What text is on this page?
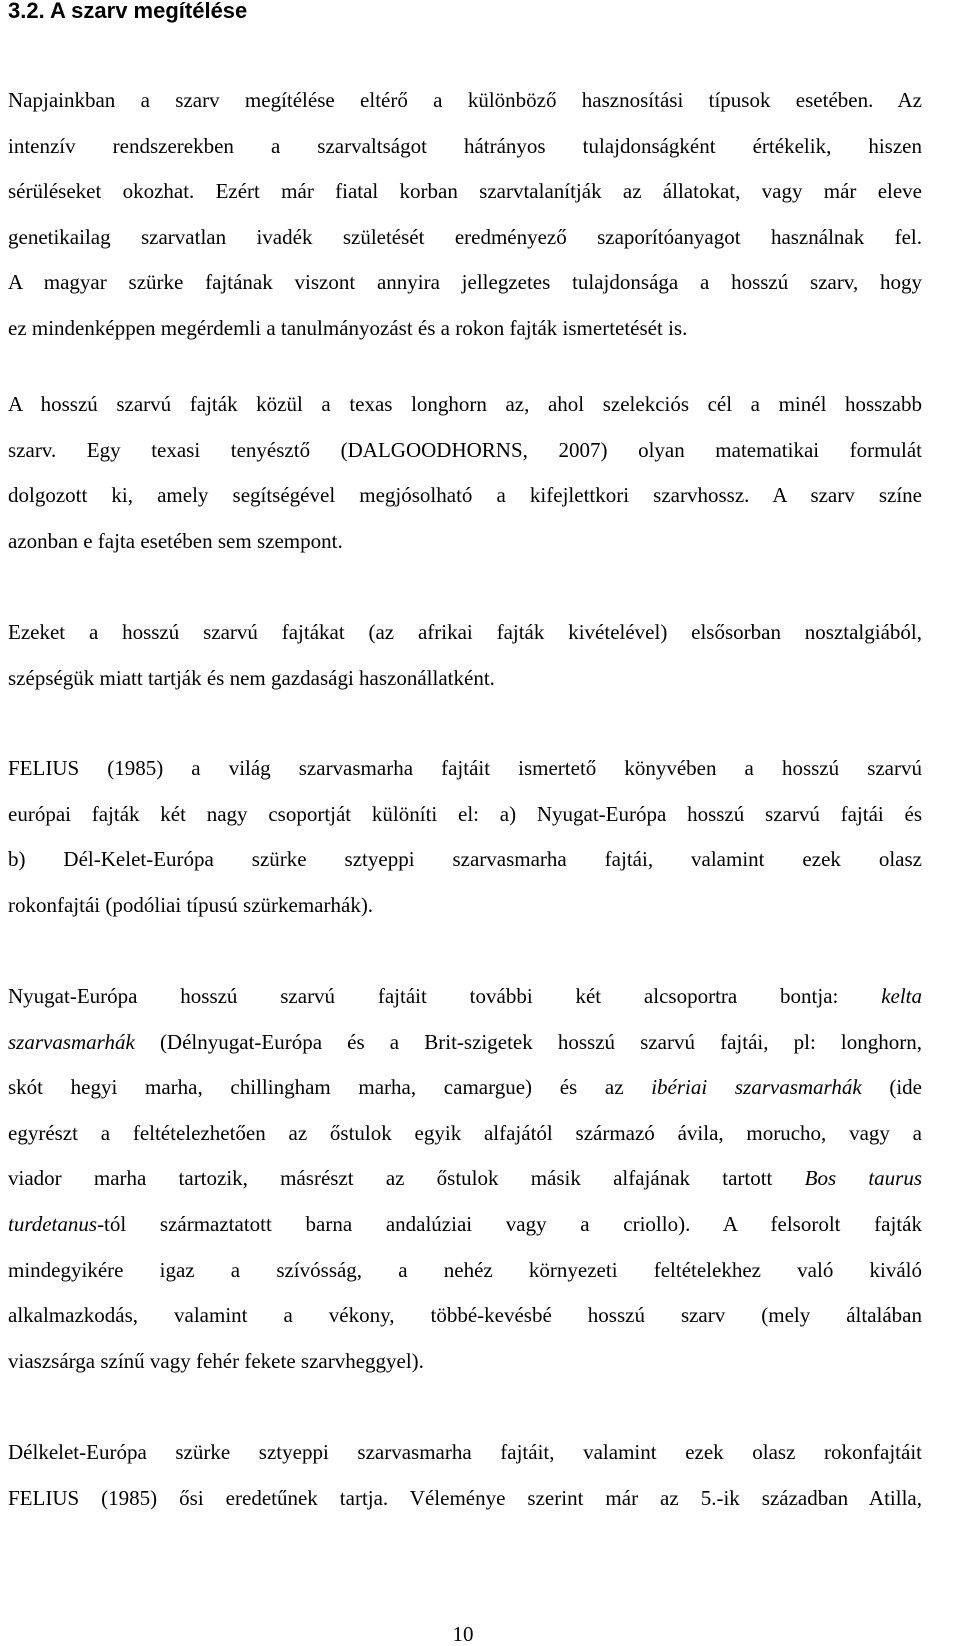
3.2. A szarv megítélése

Napjainkban a szarv megítélése eltérő a különböző hasznosítási típusok esetében. Az
intenzív rendszerekben a szarvaltságot hátrányos tulajdonságként értékelik, hiszen
sérüléseket okozhat. Ezért már fiatal korban szarvtalanítják az állatokat, vagy már eleve
genetikailag szarvatlan ivadék születését eredményező szaporítóanyagot használnak fel.
A magyar szürke fajtának viszont annyira jellegzetes tulajdonsága a hosszú szarv, hogy
ez mindenképpen megérdemli a tanulmányozást és a rokon fajták ismertetését is.

A hosszú szarvú fajták közül a texas longhorn az, ahol szelekciós cél a minél hosszabb
szarv. Egy texasi tenyésztő (DALGOODHORNS, 2007) olyan matematikai formulát
dolgozott ki, amely segítségével megjósolható a kifejlettkori szarvhossz. A szarv színe
azonban e fajta esetében sem szempont.

Ezeket a hosszú szarvú fajtákat (az afrikai fajták kivételével) elsősorban nosztalgiából,
szépségük miatt tartják és nem gazdasági haszonállatként.

FELIUS (1985) a világ szarvasmarha fajtáit ismertető könyvében a hosszú szarvú
európai fajták két nagy csoportját különíti el: a) Nyugat-Európa hosszú szarvú fajtái és
b) Dél-Kelet-Európa szürke sztyeppi szarvasmarha fajtái, valamint ezek olasz
rokonfajtái (podóliai típusú szürkemarhák).

Nyugat-Európa hosszú szarvú fajtáit további két alcsoportra bontja: kelta
szarvasmarhák (Délnyugat-Európa és a Brit-szigetek hosszú szarvú fajtái, pl: longhorn,
skót hegyi marha, chillingham marha, camargue) és az ibériai szarvasmarhák (ide
egyrészt a feltételezhetően az őstulok egyik alfajától származó ávila, morucho, vagy a
viador marha tartozik, másrészt az őstulok másik alfajának tartott Bos taurus
turdetanus-tól származtatott barna andalúziai vagy a criollo). A felsorolt fajták
mindegyikére igaz a szívósság, a nehéz környezeti feltételekhez való kiváló
alkalmazkodás, valamint a vékony, többé-kevésbé hosszú szarv (mely általában
viaszsárga színű vagy fehér fekete szarvheggyel).

Délkelet-Európa szürke sztyeppi szarvasmarha fajtáit, valamint ezek olasz rokonfajtáit
FELIUS (1985) ősi eredetűnek tartja. Véleménye szerint már az 5.-ik században Atilla,

10
